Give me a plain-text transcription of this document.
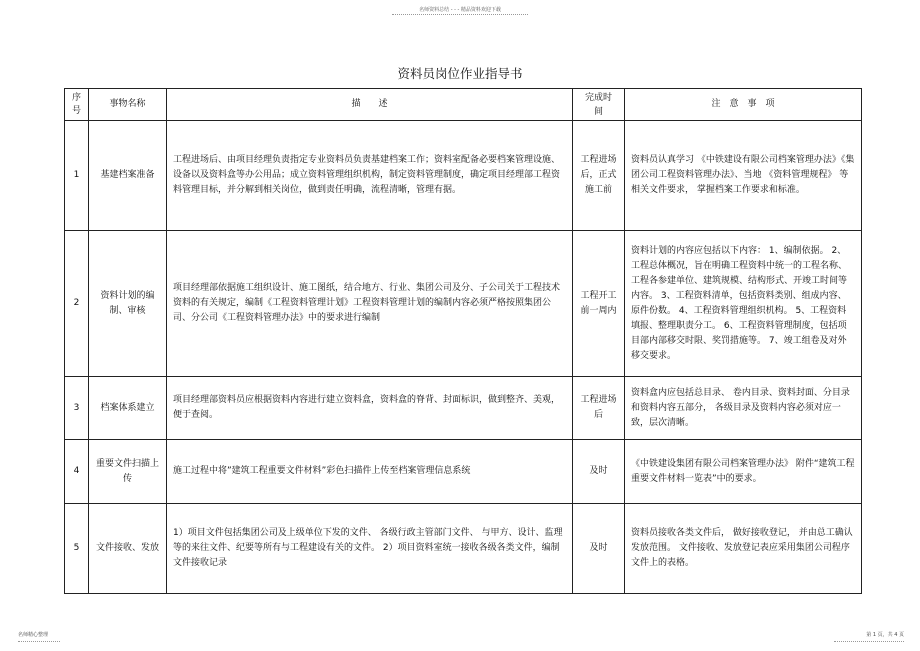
名师资料总结 - - - 精品资料欢迎下载
资料员岗位作业指导书
序号	事物名称	描　　述	完成时间	注　意　事　项
1	基建档案准备	工程进场后、由项目经理负责指定专业资料员负责基建档案工作；资料室配备必要档案管理设施、设备以及资料盒等办公用品；成立资料管理组织机构，制定资料管理制度，确定项目经理部工程资料管理目标，并分解到相关岗位，做到责任明确，流程清晰，管理有据。	工程进场后，正式施工前	资料员认真学习 《中铁建设有限公司档案管理办法》《集团公司工程资料管理办法》、当地 《资料管理规程》 等相关文件要求， 掌握档案工作要求和标准。
2	资料计划的编制、审核	项目经理部依据施工组织设计、施工图纸，结合地方、行业、集团公司及分、子公司关于工程技术资料的有关规定，编制《工程资料管理计划》工程资料管理计划的编制内容必须严格按照集团公司、分公司《工程资料管理办法》中的要求进行编制	工程开工前一周内	资料计划的内容应包括以下内容： 1、编制依据。 2、工程总体概况，旨在明确工程资料中统一的工程名称、工程各参建单位、建筑规模、结构形式、开竣工时间等内容。 3、工程资料清单，包括资料类别、组成内容、原件份数。 4、工程资料管理组织机构。 5、工程资料填报、整理职责分工。 6、工程资料管理制度，包括项目部内部移交时限、奖罚措施等。 7、竣工组卷及对外移交要求。
3	档案体系建立	项目经理部资料员应根据资料内容进行建立资料盒，资料盒的脊背、封面标识，做到整齐、美观，便于查阅。	工程进场后	资料盒内应包括总目录、 卷内目录、资料封面、分目录和资料内容五部分， 各级目录及资料内容必须对应一致，层次清晰。
4	重要文件扫描上传	施工过程中将”建筑工程重要文件材料”彩色扫描件上传至档案管理信息系统	及时	《中铁建设集团有限公司档案管理办法》 附件“建筑工程重要文件材料一览表”中的要求。
5	文件接收、发放	1）项目文件包括集团公司及上级单位下发的文件、 各级行政主管部门文件、 与甲方、设计、监理等的来往文件、纪要等所有与工程建设有关的文件。 2）项目资料室统一接收各级各类文件，编制文件接收记录	及时	资料员接收各类文件后， 做好接收登记， 并由总工确认发放范围。 文件接收、发放登记表应采用集团公司程序文件上的表格。
名师精心整理	第 1 页，共 4 页
